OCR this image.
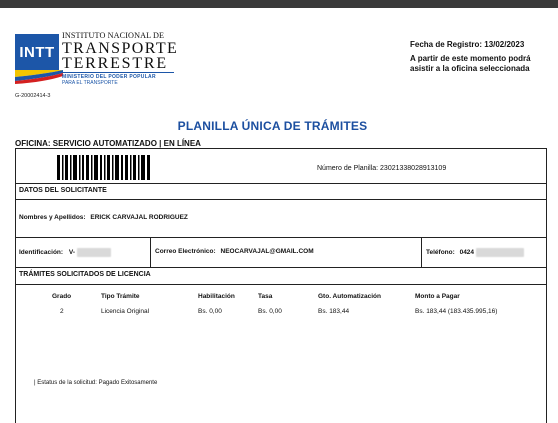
INTT
INSTITUTO NACIONAL DE
TRANSPORTE
TERRESTRE
MINISTERIO DEL PODER POPULAR
PARA EL TRANSPORTE
G-20002414-3
Fecha de Registro: 13/02/2023
A partir de este momento podrá asistir a la oficina seleccionada
PLANILLA ÚNICA DE TRÁMITES
OFICINA: SERVICIO AUTOMATIZADO | EN LÍNEA
Número de Planilla: 23021338028913109
DATOS DEL SOLICITANTE
Nombres y Apellidos: ERICK CARVAJAL RODRIGUEZ
Identificación: V-	Correo Electrónico: NEOCARVAJAL@GMAIL.COM	Teléfono: 0424
TRÁMITES SOLICITADOS DE LICENCIA
Grado	Tipo Trámite	Habilitación	Tasa	Gto. Automatización	Monto a Pagar
2	Licencia Original	Bs. 0,00	Bs. 0,00	Bs. 183,44	Bs. 183,44 (183.435.995,16)
| Estatus de la solicitud: Pagado Exitosamente
